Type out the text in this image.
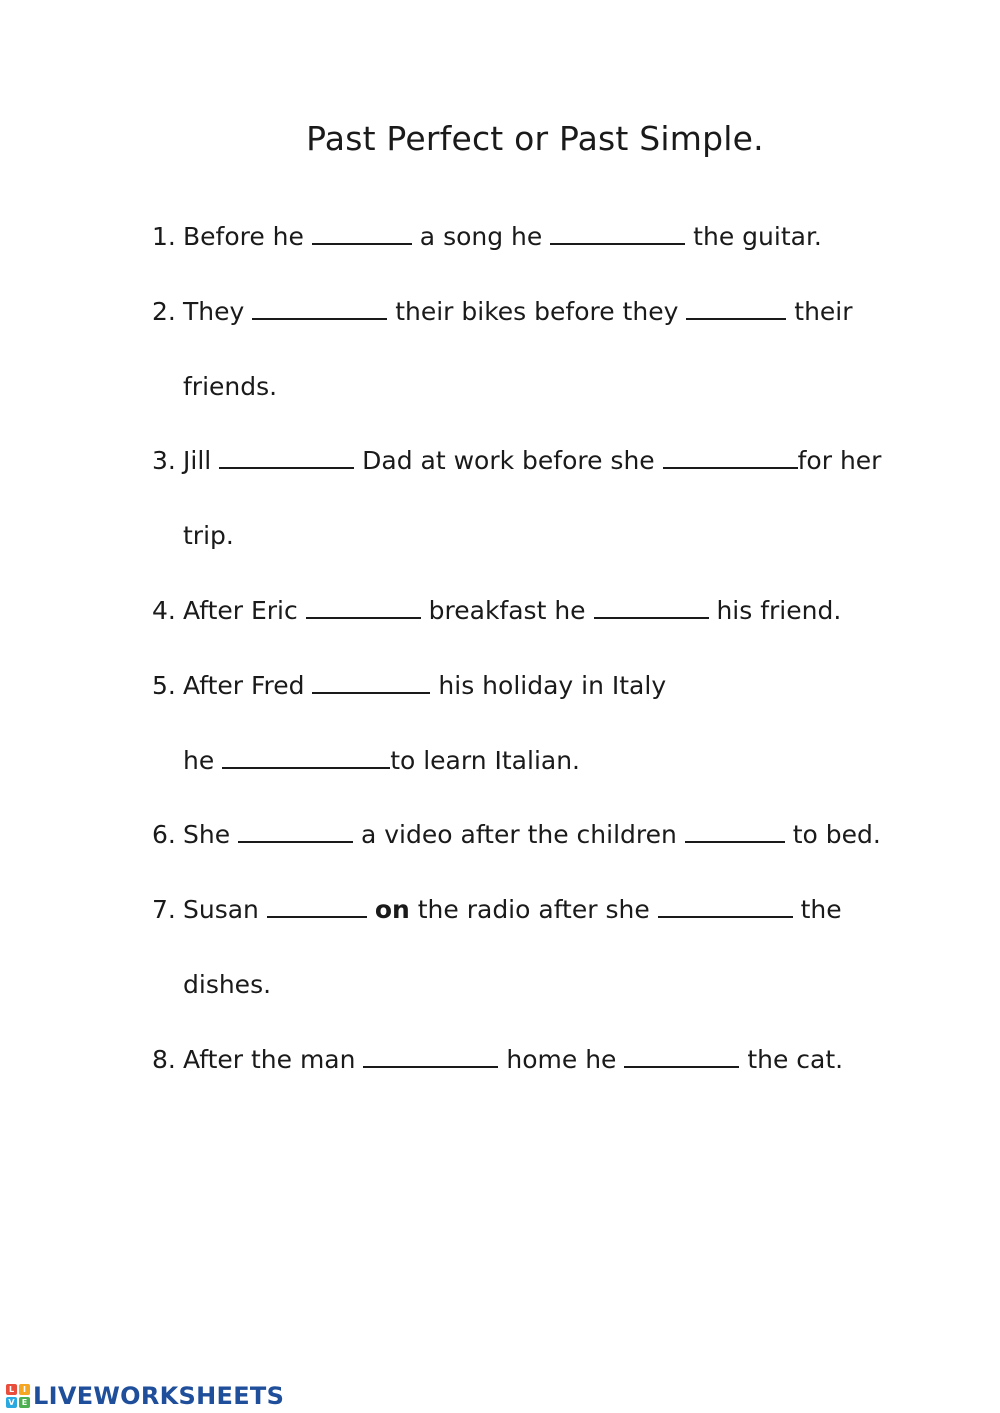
Past Perfect or Past Simple.
1. Before he	a song he	the guitar.
2. They	their bikes before they	their
friends.
3. Jill	Dad at work before she	for her
trip.
4. After Eric	breakfast he	his friend.
5. After Fred	his holiday in Italy
he	to learn Italian.
6. She	a video after the children	to bed.
7. Susan	on the radio after she	the
dishes.
8. After the man	home he	the cat.
L	I
V E LIVEWORKSHEETS
